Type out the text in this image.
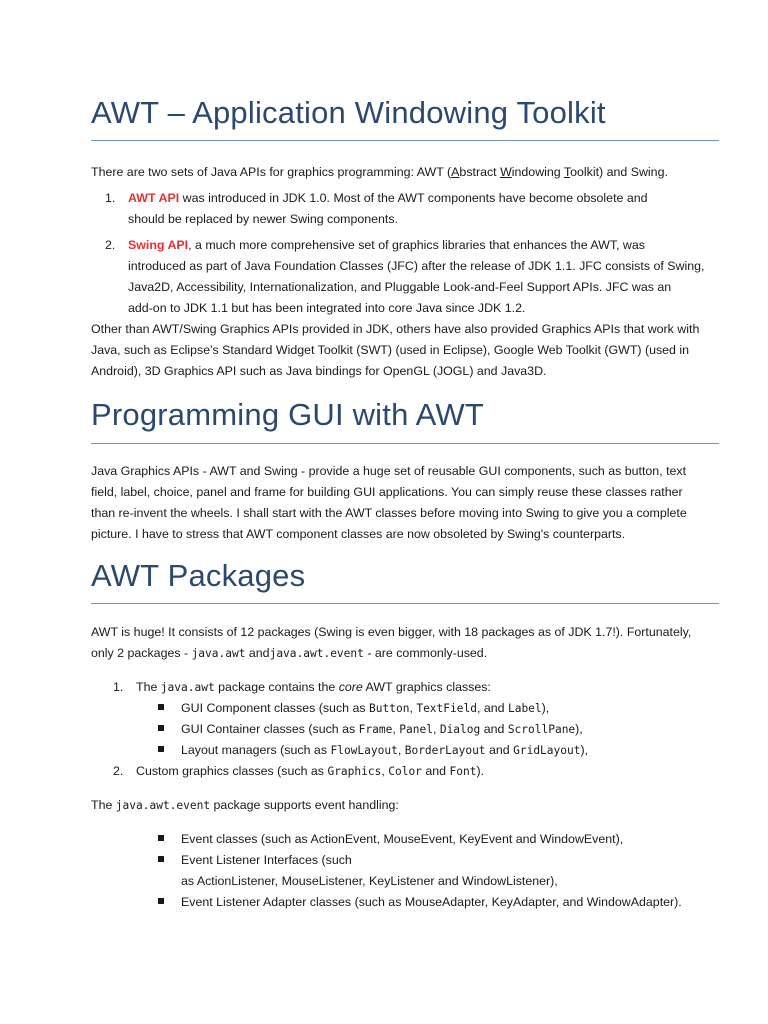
AWT – Application Windowing Toolkit
There are two sets of Java APIs for graphics programming: AWT (Abstract Windowing Toolkit) and Swing.
1. AWT API was introduced in JDK 1.0. Most of the AWT components have become obsolete and
should be replaced by newer Swing components.
2. Swing API, a much more comprehensive set of graphics libraries that enhances the AWT, was
introduced as part of Java Foundation Classes (JFC) after the release of JDK 1.1. JFC consists of Swing,
Java2D, Accessibility, Internationalization, and Pluggable Look-and-Feel Support APIs. JFC was an
add-on to JDK 1.1 but has been integrated into core Java since JDK 1.2.
Other than AWT/Swing Graphics APIs provided in JDK, others have also provided Graphics APIs that work with
Java, such as Eclipse's Standard Widget Toolkit (SWT) (used in Eclipse), Google Web Toolkit (GWT) (used in
Android), 3D Graphics API such as Java bindings for OpenGL (JOGL) and Java3D.
Programming GUI with AWT
Java Graphics APIs - AWT and Swing - provide a huge set of reusable GUI components, such as button, text
field, label, choice, panel and frame for building GUI applications. You can simply reuse these classes rather
than re-invent the wheels. I shall start with the AWT classes before moving into Swing to give you a complete
picture. I have to stress that AWT component classes are now obsoleted by Swing's counterparts.
AWT Packages
AWT is huge! It consists of 12 packages (Swing is even bigger, with 18 packages as of JDK 1.7!). Fortunately,
only 2 packages - java.awt andjava.awt.event - are commonly-used.
1. The java.awt package contains the core AWT graphics classes:
GUI Component classes (such as Button, TextField, and Label),
GUI Container classes (such as Frame, Panel, Dialog and ScrollPane),
Layout managers (such as FlowLayout, BorderLayout and GridLayout),
2. Custom graphics classes (such as Graphics, Color and Font).
The java.awt.event package supports event handling:
Event classes (such as ActionEvent, MouseEvent, KeyEvent and WindowEvent),
Event Listener Interfaces (such
as ActionListener, MouseListener, KeyListener and WindowListener),
Event Listener Adapter classes (such as MouseAdapter, KeyAdapter, and WindowAdapter).
